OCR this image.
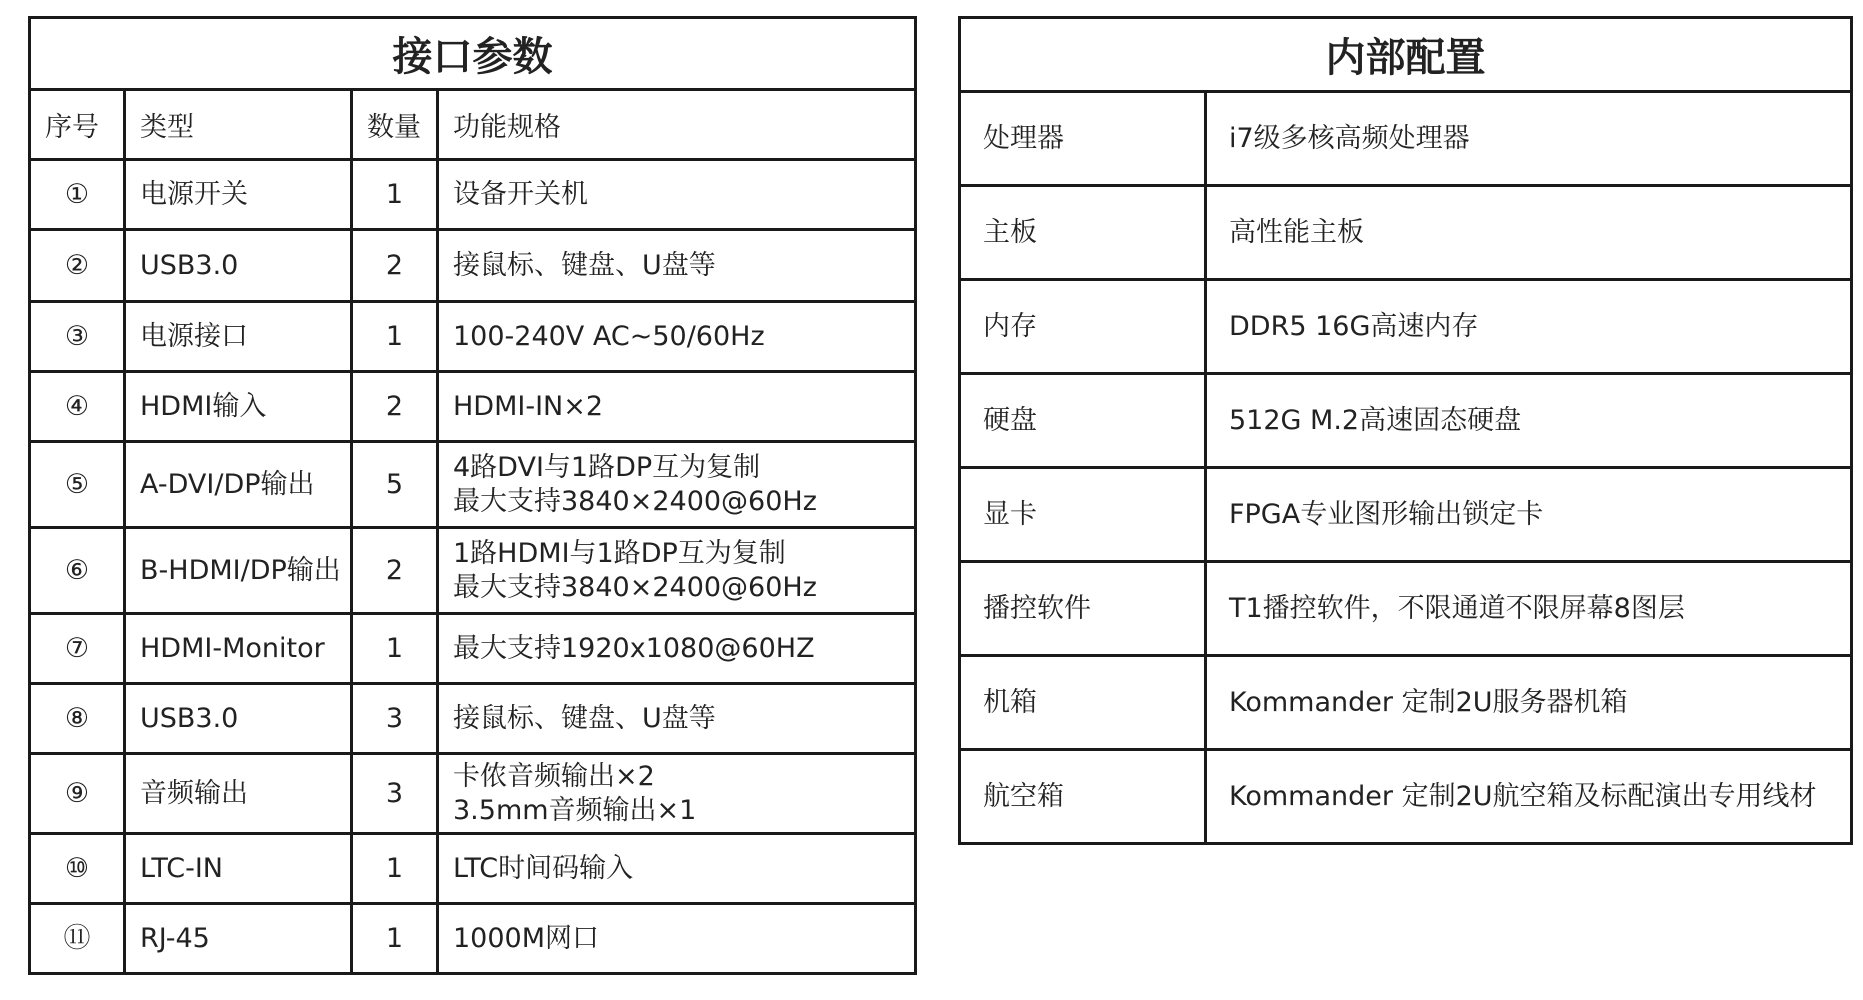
接口参数			
序号	类型	数量	功能规格
①	电源开关	1	设备开关机

②	USB3.0	2	接鼠标、键盘、U盘等

③	电源接口	1	100-240V AC~50/60Hz

④	HDMI输入	2	HDMI-IN×2

⑤	A-DVI/DP输出	5	4路DVI与1路DP互为复制
最大支持3840×2400@60Hz

⑥	B-HDMI/DP输出	2	1路HDMI与1路DP互为复制
最大支持3840×2400@60Hz

⑦	HDMI-Monitor	1	最大支持1920x1080@60HZ

⑧	USB3.0	3	接鼠标、键盘、U盘等

⑨	音频输出	3	卡侬音频输出×2
3.5mm音频输出×1

⑩	LTC-IN	1	LTC时间码输入

⑪	RJ-45	1	1000M网口
内部配置	
处理器	i7级多核高频处理器
主板	高性能主板
内存	DDR5 16G高速内存
硬盘	512G M.2高速固态硬盘
显卡	FPGA专业图形输出锁定卡
播控软件	T1播控软件，不限通道不限屏幕8图层
机箱	Kommander 定制2U服务器机箱
航空箱	Kommander 定制2U航空箱及标配演出专用线材
